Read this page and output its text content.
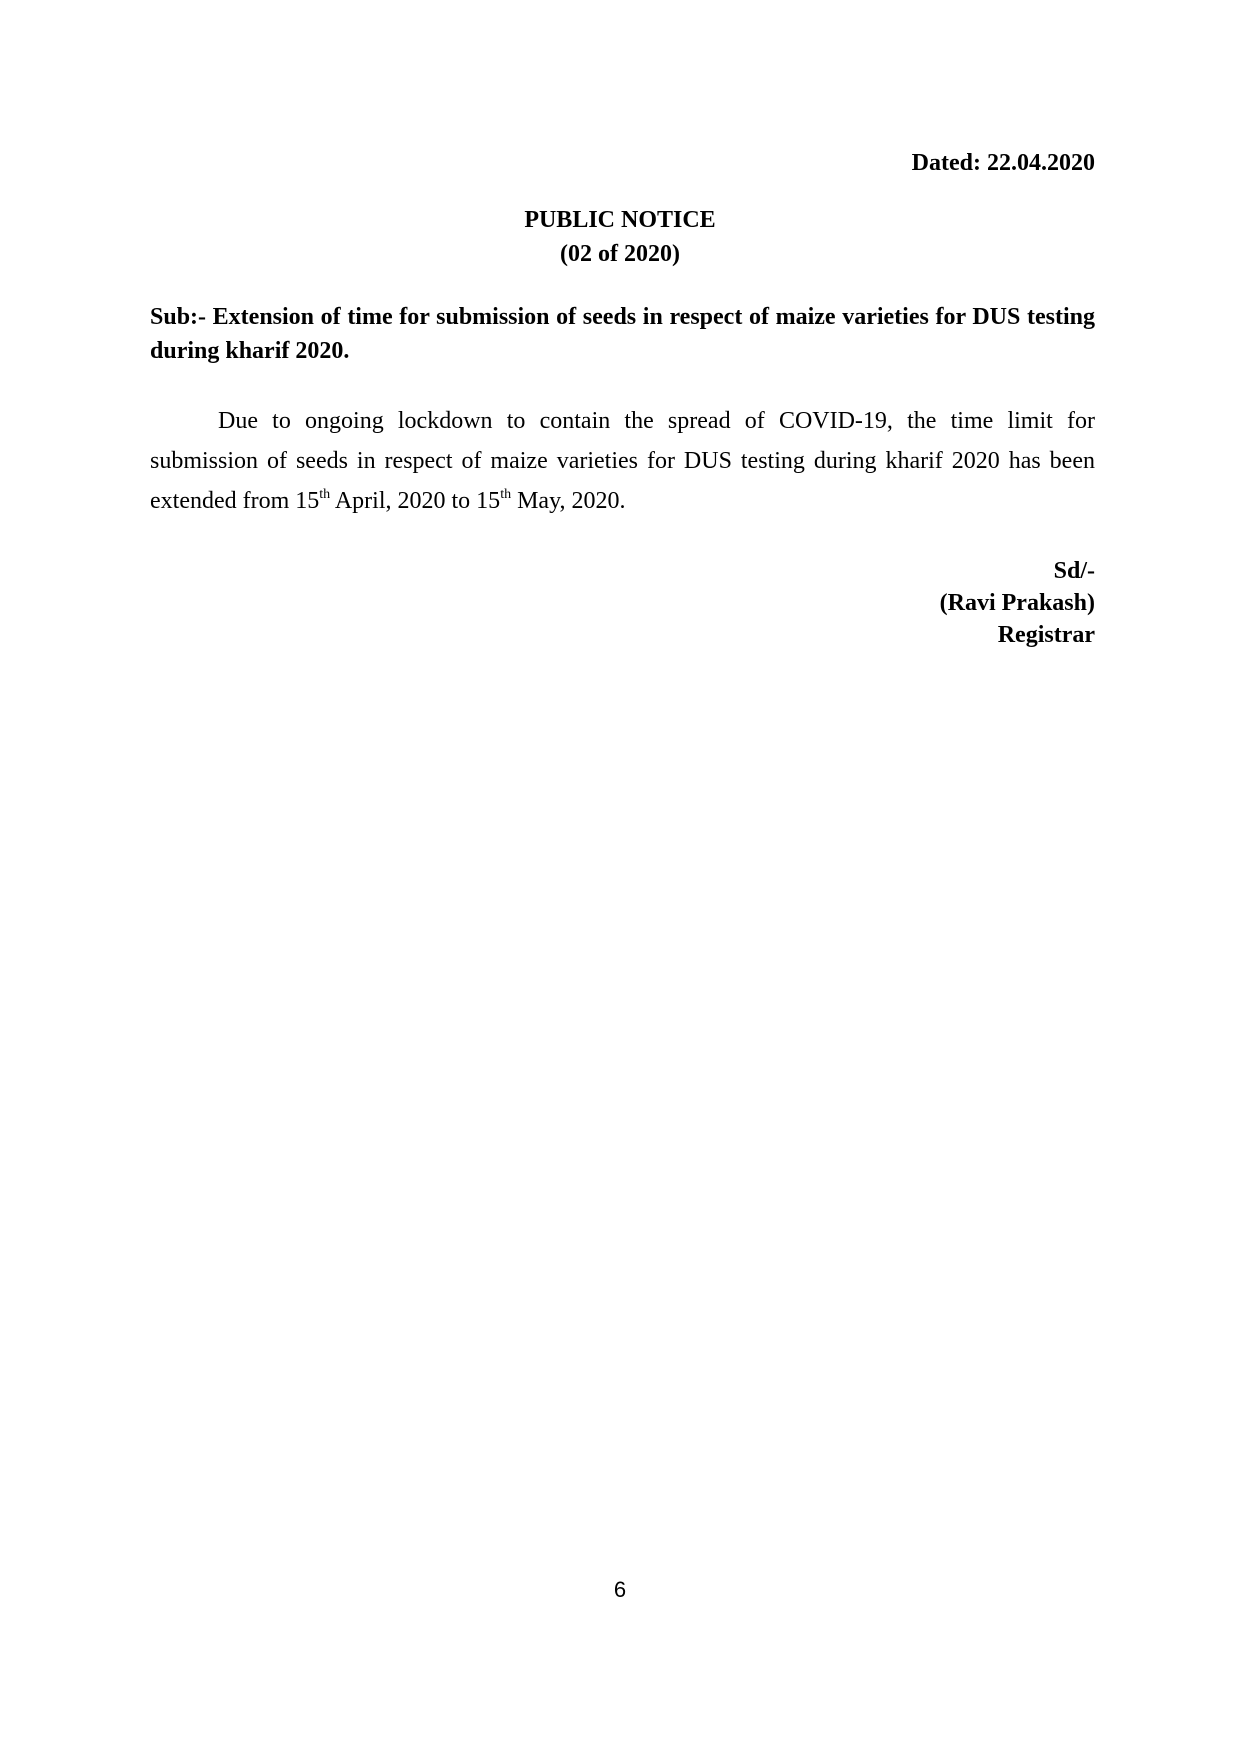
Dated: 22.04.2020
PUBLIC NOTICE
(02 of 2020)
Sub:- Extension of time for submission of seeds in respect of maize varieties for DUS testing during kharif 2020.
Due to ongoing lockdown to contain the spread of COVID-19, the time limit for submission of seeds in respect of maize varieties for DUS testing during kharif 2020 has been extended from 15th April, 2020 to 15th May, 2020.
Sd/-
(Ravi Prakash)
Registrar
6
